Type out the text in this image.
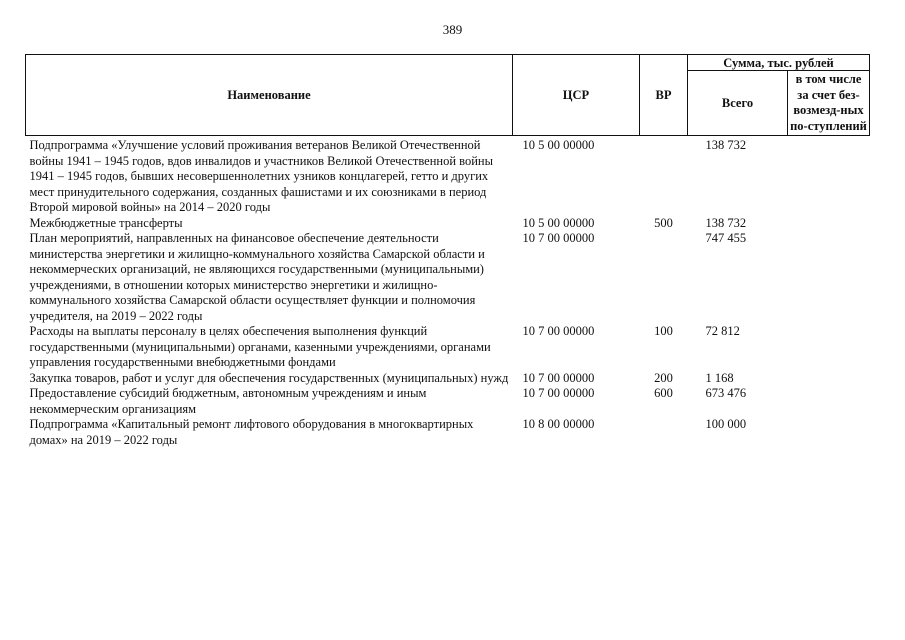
389
Наименование	ЦСР	ВР	Сумма, тыс. рублей	
			Всего	в том числе за счет без-возмезд-ных по-ступлений
Подпрограмма «Улучшение условий проживания ветеранов Великой Отечественной войны 1941 – 1945 годов, вдов инвалидов и участников Великой Отечественной войны 1941 – 1945 годов, бывших несовершеннолетних узников концлагерей, гетто и других мест принудительного содержания, созданных фашистами и их союзниками в период Второй мировой войны» на 2014 – 2020 годы	10 5 00 00000		138 732	
Межбюджетные трансферты	10 5 00 00000	500	138 732	
План мероприятий, направленных на финансовое обеспечение деятельности министерства энергетики и жилищно-коммунального хозяйства Самарской области и некоммерческих организаций, не являющихся государственными (муниципальными) учреждениями, в отношении которых министерство энергетики и жилищно-коммунального хозяйства Самарской области осуществляет функции и полномочия учредителя, на 2019 – 2022 годы	10 7 00 00000		747 455	
Расходы на выплаты персоналу в целях обеспечения выполнения функций государственными (муниципальными) органами, казенными учреждениями, органами управления государственными внебюджетными фондами	10 7 00 00000	100	72 812	
Закупка товаров, работ и услуг для обеспечения государственных (муниципальных) нужд	10 7 00 00000	200	1 168	
Предоставление субсидий бюджетным, автономным учреждениям и иным некоммерческим организациям	10 7 00 00000	600	673 476	
Подпрограмма «Капитальный ремонт лифтового оборудования в многоквартирных домах» на 2019 – 2022 годы	10 8 00 00000		100 000	
